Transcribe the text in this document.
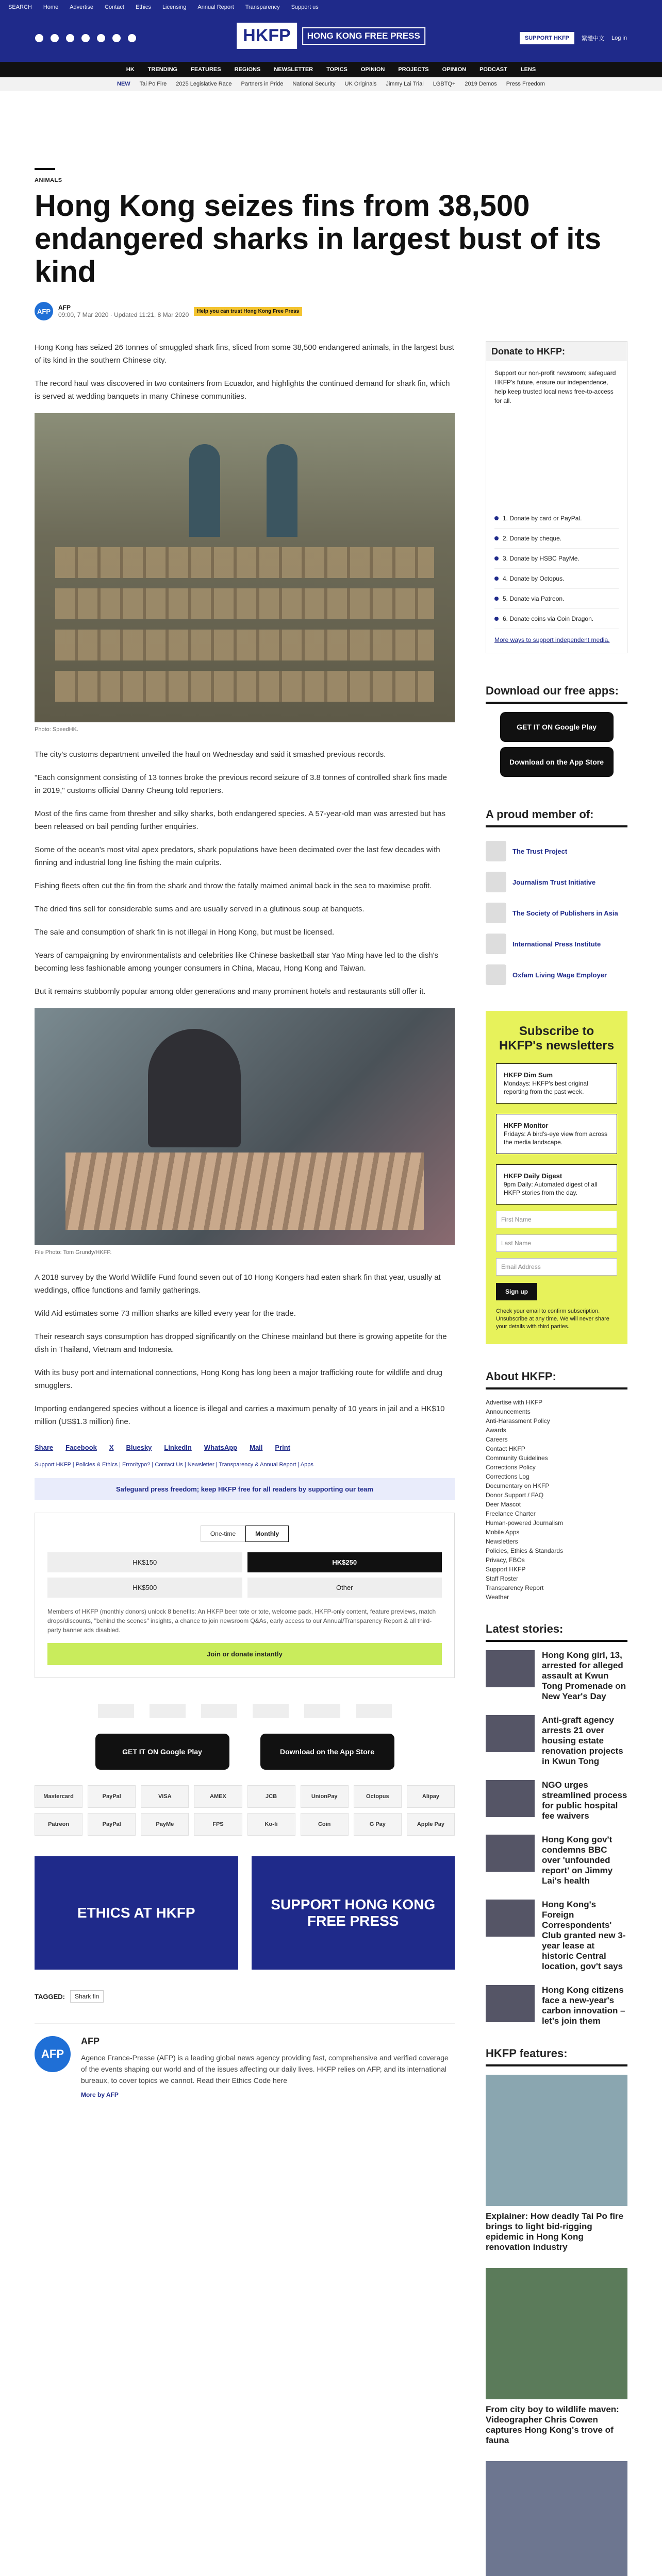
SEARCH Home Advertise Contact Ethics Licensing Annual Report Transparency Support us
HKFP	HONG KONG FREE PRESS	SUPPORT HKFP	繁體中文 Log in
HK TRENDING FEATURES REGIONS NEWSLETTER TOPICS OPINION PROJECTS OPINION PODCAST LENS
NEW Tai Po Fire 2025 Legislative Race Partners in Pride National Security UK Originals Jimmy Lai Trial LGBTQ+ 2019 Demos Press Freedom
ANIMALS
Hong Kong seizes fins from 38,500 endangered sharks in largest bust of its kind
AFP	AFP
09:00, 7 Mar 2020 · Updated 11:21, 8 Mar 2020	Help you can trust Hong Kong Free Press

Hong Kong has seized 26 tonnes of smuggled shark fins, sliced from some 38,500 endangered animals, in the largest bust of its kind in the southern Chinese city.

The record haul was discovered in two containers from Ecuador, and highlights the continued demand for shark fin, which is served at wedding banquets in many Chinese communities.

Photo: SpeedHK.

The city's customs department unveiled the haul on Wednesday and said it smashed previous records.

"Each consignment consisting of 13 tonnes broke the previous record seizure of 3.8 tonnes of controlled shark fins made in 2019," customs official Danny Cheung told reporters.

Most of the fins came from thresher and silky sharks, both endangered species. A 57-year-old man was arrested but has been released on bail pending further enquiries.

Some of the ocean's most vital apex predators, shark populations have been decimated over the last few decades with finning and industrial long line fishing the main culprits.

Fishing fleets often cut the fin from the shark and throw the fatally maimed animal back in the sea to maximise profit.

The dried fins sell for considerable sums and are usually served in a glutinous soup at banquets.

The sale and consumption of shark fin is not illegal in Hong Kong, but must be licensed.

Years of campaigning by environmentalists and celebrities like Chinese basketball star Yao Ming have led to the dish's becoming less fashionable among younger consumers in China, Macau, Hong Kong and Taiwan.

But it remains stubbornly popular among older generations and many prominent hotels and restaurants still offer it.

File Photo: Tom Grundy/HKFP.

A 2018 survey by the World Wildlife Fund found seven out of 10 Hong Kongers had eaten shark fin that year, usually at weddings, office functions and family gatherings.

Wild Aid estimates some 73 million sharks are killed every year for the trade.

Their research says consumption has dropped significantly on the Chinese mainland but there is growing appetite for the dish in Thailand, Vietnam and Indonesia.

With its busy port and international connections, Hong Kong has long been a major trafficking route for wildlife and drug smugglers.

Importing endangered species without a licence is illegal and carries a maximum penalty of 10 years in jail and a HK$10 million (US$1.3 million) fine.

Share Facebook X Bluesky LinkedIn WhatsApp Mail Print
Support HKFP | Policies & Ethics | Error/typo? | Contact Us | Newsletter | Transparency & Annual Report | Apps
Safeguard press freedom; keep HKFP free for all readers by supporting our team
One-time	Monthly
HK$150	HK$250
HK$500	Other
Members of HKFP (monthly donors) unlock 8 benefits: An HKFP beer tote or tote, welcome pack, HKFP-only content, feature previews, match drops/discounts, "behind the scenes" insights, a chance to join newsroom Q&As, early access to our Annual/Transparency Report & all third-party banner ads disabled.
Join or donate instantly
GET IT ON Google Play	Download on the App Store
Mastercard	PayPal	VISA	AMEX	JCB	UnionPay	Octopus	Alipay
Patreon	PayPal	PayMe	FPS	Ko-fi	Coin	G Pay	Apple Pay
ETHICS AT HKFP
SUPPORT HONG KONG FREE PRESS
TAGGED:	Shark fin
AFP
AFP
Agence France-Presse (AFP) is a leading global news agency providing fast, comprehensive and verified coverage of the events shaping our world and of the issues affecting our daily lives. HKFP relies on AFP, and its international bureaux, to cover topics we cannot. Read their Ethics Code here
More by AFP
Donate to HKFP:
Support our non-profit newsroom; safeguard HKFP's future, ensure our independence, help keep trusted local news free-to-access for all.
1. Donate by card or PayPal.
2. Donate by cheque.
3. Donate by HSBC PayMe.
4. Donate by Octopus.
5. Donate via Patreon.
6. Donate coins via Coin Dragon.
More ways to support independent media.
Download our free apps:
GET IT ON Google Play
Download on the App Store
A proud member of:
The Trust Project
Journalism Trust Initiative
The Society of Publishers in Asia
International Press Institute
Oxfam Living Wage Employer
Subscribe to HKFP's newsletters
HKFP Dim Sum
Mondays: HKFP's best original reporting from the past week.
HKFP Monitor
Fridays: A bird's-eye view from across the media landscape.
HKFP Daily Digest
9pm Daily: Automated digest of all HKFP stories from the day.
First Name
Last Name
Email Address
Sign up
Check your email to confirm subscription. Unsubscribe at any time. We will never share your details with third parties.
About HKFP:
Advertise with HKFP
Announcements
Anti-Harassment Policy
Awards
Careers
Contact HKFP
Community Guidelines
Corrections Policy
Corrections Log
Documentary on HKFP
Donor Support / FAQ
Deer Mascot
Freelance Charter
Human-powered Journalism
Mobile Apps
Newsletters
Policies, Ethics & Standards
Privacy, FBOs
Support HKFP
Staff Roster
Transparency Report
Weather
Latest stories:
Hong Kong girl, 13, arrested for alleged assault at Kwun Tong Promenade on New Year's Day
Anti-graft agency arrests 21 over housing estate renovation projects in Kwun Tong
NGO urges streamlined process for public hospital fee waivers
Hong Kong gov't condemns BBC over 'unfounded report' on Jimmy Lai's health
Hong Kong's Foreign Correspondents' Club granted new 3-year lease at historic Central location, gov't says
Hong Kong citizens face a new-year's carbon innovation – let's join them
HKFP features:
Explainer: How deadly Tai Po fire brings to light bid-rigging epidemic in Hong Kong renovation industry
From city boy to wildlife maven: Videographer Chris Cowen captures Hong Kong's trove of fauna
